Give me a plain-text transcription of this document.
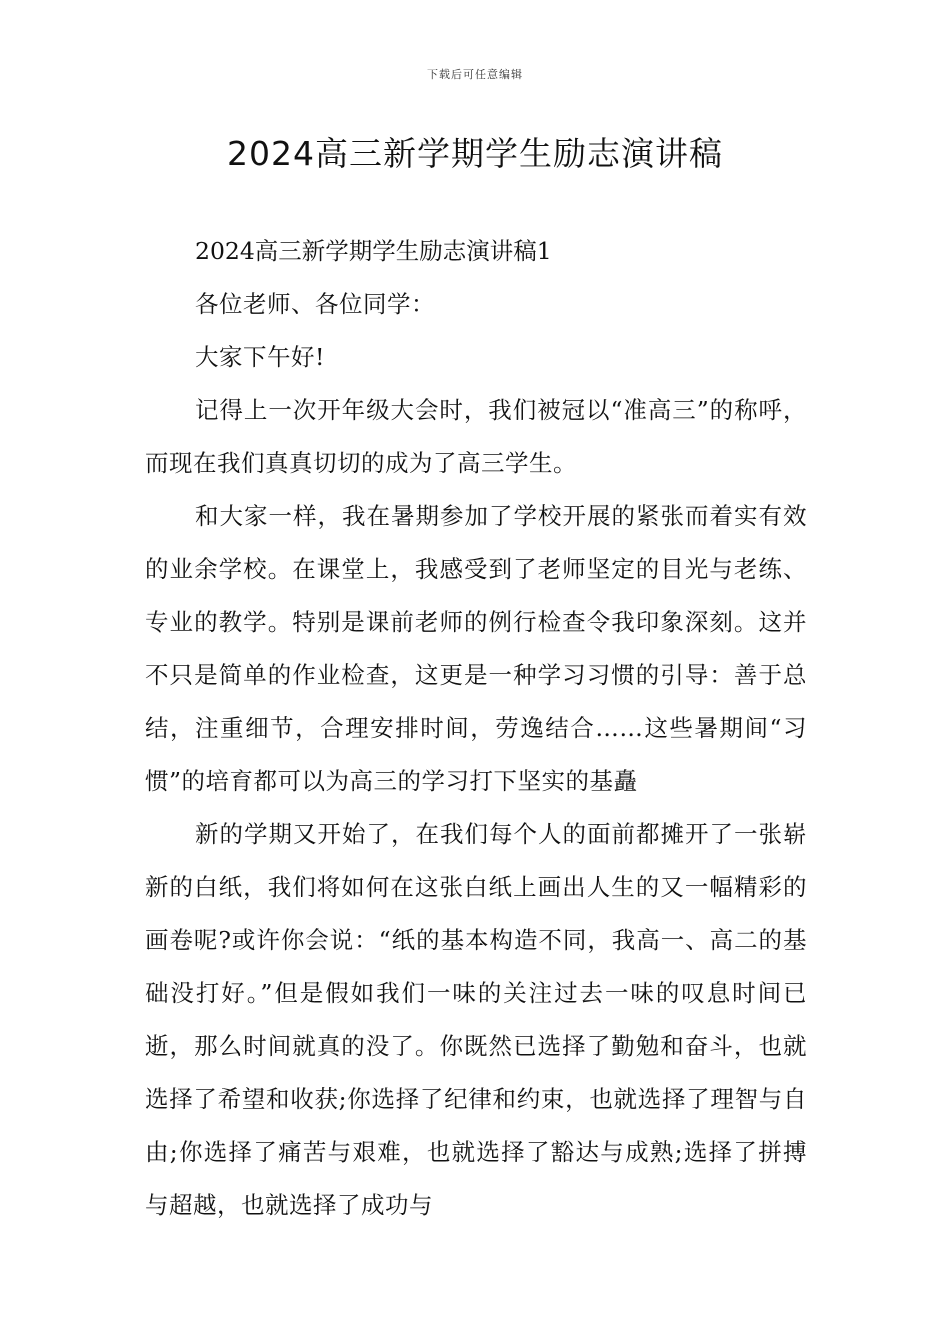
下载后可任意编辑
2024高三新学期学生励志演讲稿

2024高三新学期学生励志演讲稿1

各位老师、各位同学：

大家下午好!

记得上一次开年级大会时，我们被冠以“准高三”的称呼，而现在我们真真切切的成为了高三学生。

和大家一样，我在暑期参加了学校开展的紧张而着实有效的业余学校。在课堂上，我感受到了老师坚定的目光与老练、专业的教学。特别是课前老师的例行检查令我印象深刻。这并不只是简单的作业检查，这更是一种学习习惯的引导：善于总结，注重细节，合理安排时间，劳逸结合……这些暑期间“习惯”的培育都可以为高三的学习打下坚实的基矗

新的学期又开始了，在我们每个人的面前都摊开了一张崭新的白纸，我们将如何在这张白纸上画出人生的又一幅精彩的画卷呢?或许你会说：“纸的基本构造不同，我高一、高二的基础没打好。”但是假如我们一味的关注过去一味的叹息时间已逝，那么时间就真的没了。你既然已选择了勤勉和奋斗，也就选择了希望和收获;你选择了纪律和约束，也就选择了理智与自由;你选择了痛苦与艰难，也就选择了豁达与成熟;选择了拼搏与超越，也就选择了成功与
